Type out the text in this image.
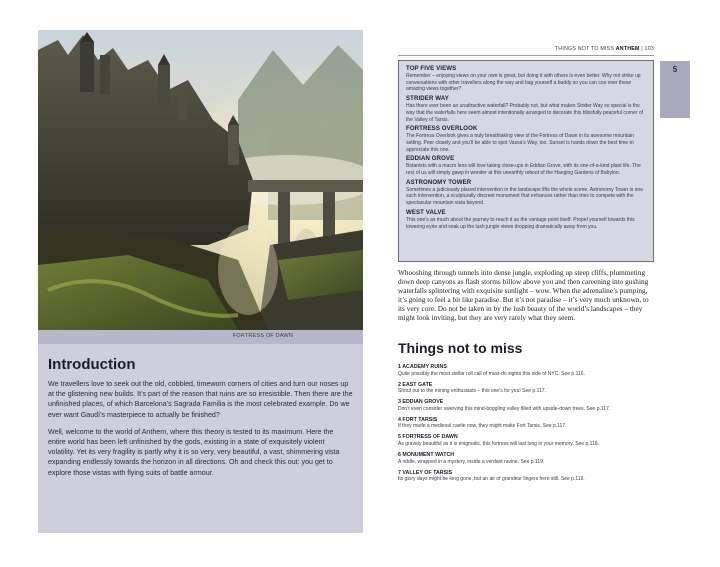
FORTRESS OF DAWN
Introduction

We travellers love to seek out the old, cobbled, timeworn corners of cities and turn our noses up at the glistening new builds. It’s part of the reason that ruins are so irresistible. Then there are the unfinished places, of which Barcelona’s Sagrada Familia is the most celebrated example. Do we ever want Gaudí’s masterpiece to actually be finished?

Well, welcome to the world of Anthem, where this theory is tested to its maximum. Here the entire world has been left unfinished by the gods, existing in a state of exquisitely violent volatility. Yet its very fragility is partly why it is so very, very beautiful, a vast, shimmering vista expanding endlessly towards the horizon in all directions. Oh and check this out: you get to explore those vistas with flying suits of battle armour.

THINGS NOT TO MISS ANTHEM | 103
5
TOP FIVE VIEWS
Remember – enjoying views on your own is great, but doing it with others is even better. Why not strike up conversations with other travellers along the way and bag yourself a buddy so you can coo over these amazing views together?
STRIDER WAY
Has there ever been an unattractive waterfall? Probably not, but what makes Strider Way so special is the way that the waterfalls here seem almost intentionally arranged to decorate this blissfully peaceful corner of the Valley of Tarsis.
FORTRESS OVERLOOK
The Fortress Overlook gives a truly breathtaking view of the Fortress of Dawn in its awesome mountain setting. Peer closely and you’ll be able to spot Vassa’s Way, too. Sunset is hands down the best time to appreciate this one.
EDDIAN GROVE
Botanists with a macro lens will love taking close-ups in Eddian Grove, with its one-of-a-kind plant life. The rest of us will simply gawp in wonder at this unearthly reboot of the Hanging Gardens of Babylon.
ASTRONOMY TOWER
Sometimes a judiciously placed intervention in the landscape lifts the whole scene. Astronomy Tower is one such intervention, a sculpturally discreet monument that enhances rather than tries to compete with the spectacular mountain vista beyond.
WEST VALVE
This one’s as much about the journey to reach it as the vantage point itself. Propel yourself towards this towering eyrie and soak up the lush jungle views dropping dramatically away from you.
Whooshing through tunnels into dense jungle, exploding up steep cliffs, plummeting down deep canyons as flash storms billow above you and then careening into gushing waterfalls splintering with exquisite sunlight – wow. When the adrenaline’s pumping, it’s going to feel a bit like paradise. But it’s not paradise – it’s very much unknown, to its very core. Do not be taken in by the lush beauty of the world’s landscapes – they might look inviting, but they are very rarely what they seem.
Things not to miss
1 ACADEMY RUINS
Quite possibly the most stellar roll call of must-do sights this side of NYC. See p.116.
2 EAST GATE
Shout out to the mining enthusiasts – this one’s for you! See p.117.
3 EDDIAN GROVE
Don’t even consider swerving this mind-boggling valley filled with upside-down trees. See p.117.
4 FORT TARSIS
If they made a medieval castle now, they might make Fort Tarsis. See p.117.
5 FORTRESS OF DAWN
As gravely beautiful as it is enigmatic, this fortress will last long in your memory. See p.118.
6 MONUMENT WATCH
A riddle, wrapped in a mystery, inside a verdant ravine. See p.119.
7 VALLEY OF TARSIS
Its glory days might be long gone, but an air of grandeur lingers here still. See p.119.
